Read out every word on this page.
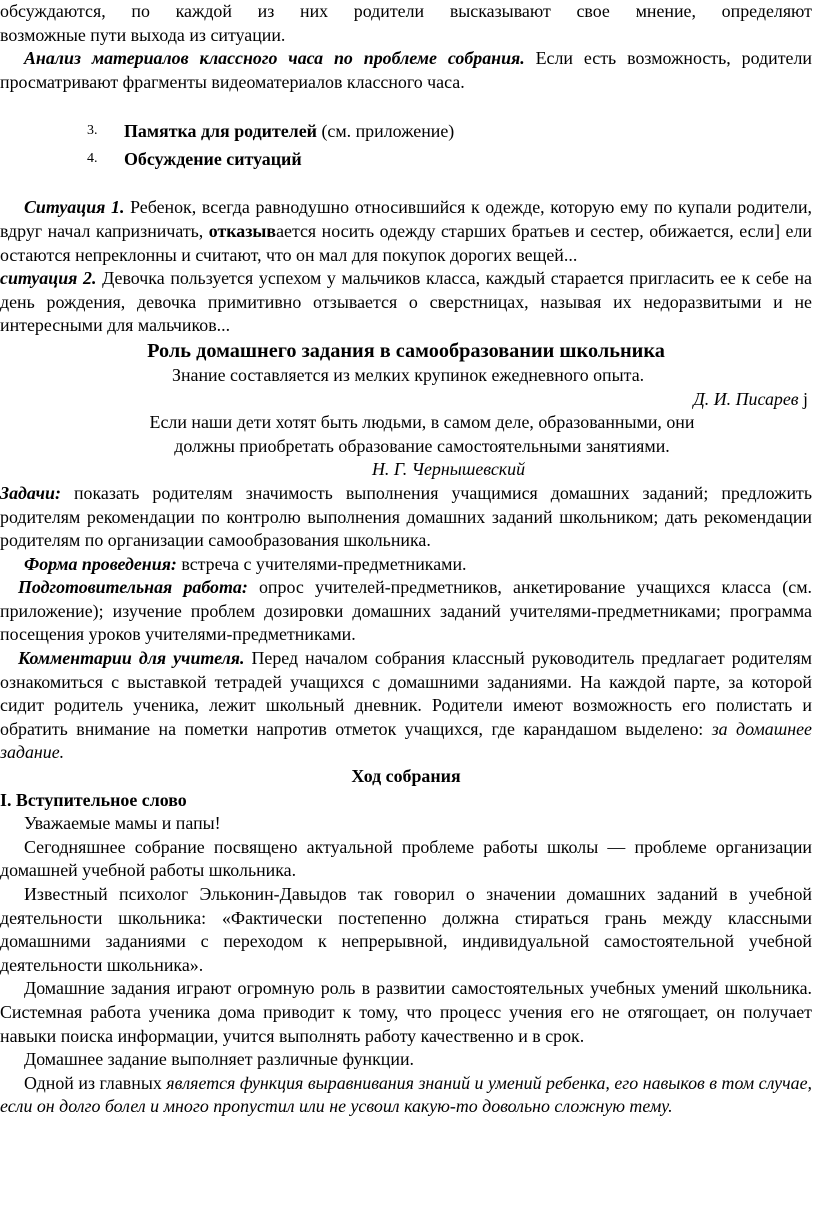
обсуждаются, по каждой из них родители высказывают свое мнение, определяют

возможные пути выхода из ситуации.

Анализ материалов классного часа по проблеме собрания. Если есть возможность, родители просматривают фрагменты видеоматериалов классного часа.

3. Памятка для родителей (см. приложение)
4. Обсуждение ситуаций

Ситуация 1. Ребенок, всегда равнодушно относившийся к одежде, которую ему по купали родители, вдруг начал капризничать, отказывается носить одежду старших братьев и сестер, обижается, если] ели остаются непреклонны и считают, что он мал для покупок дорогих вещей...

ситуация 2. Девочка пользуется успехом у мальчиков класса, каждый старается пригласить ее к себе на день рождения, девочка примитивно отзывается о сверстницах, называя их недоразвитыми и не интересными для мальчиков...

Роль домашнего задания в самообразовании школьника

Знание составляется из мелких крупинок ежедневного опыта.

Д. И. Писарев j

Если наши дети хотят быть людьми, в самом деле, образованными, они

должны приобретать образование самостоятельными занятиями.

Н. Г. Чернышевский

Задачи: показать родителям значимость выполнения учащимися домашних заданий; предложить родителям рекомендации по контролю выполнения домашних заданий школьником; дать рекомендации родителям по организации самообразования школьника.

Форма проведения: встреча с учителями-предметниками.

Подготовительная работа: опрос учителей-предметников, анкетирование учащихся класса (см. приложение); изучение проблем дозировки домашних заданий учителями-предметниками; программа посещения уроков учителями-предметниками.

Комментарии для учителя. Перед началом собрания классный руководитель предлагает родителям ознакомиться с выставкой тетрадей учащихся с домашними заданиями. На каждой парте, за которой сидит родитель ученика, лежит школьный дневник. Родители имеют возможность его полистать и обратить внимание на пометки напротив отметок учащихся, где карандашом выделено: за домашнее задание.

Ход собрания

I. Вступительное слово

Уважаемые мамы и папы!

Сегодняшнее собрание посвящено актуальной проблеме работы школы — проблеме организации домашней учебной работы школьника.

Известный психолог Эльконин-Давыдов так говорил о значении домашних заданий в учебной деятельности школьника: «Фактически постепенно должна стираться грань между классными домашними заданиями с переходом к непрерывной, индивидуальной самостоятельной учебной деятельности школьника».

Домашние задания играют огромную роль в развитии самостоятельных учебных умений школьника. Системная работа ученика дома приводит к тому, что процесс учения его не отягощает, он получает навыки поиска информации, учится выполнять работу качественно и в срок.

Домашнее задание выполняет различные функции.

Одной из главных является функция выравнивания знаний и умений ребенка, его навыков в том случае, если он долго болел и много пропустил или не усвоил какую-то довольно сложную тему.
